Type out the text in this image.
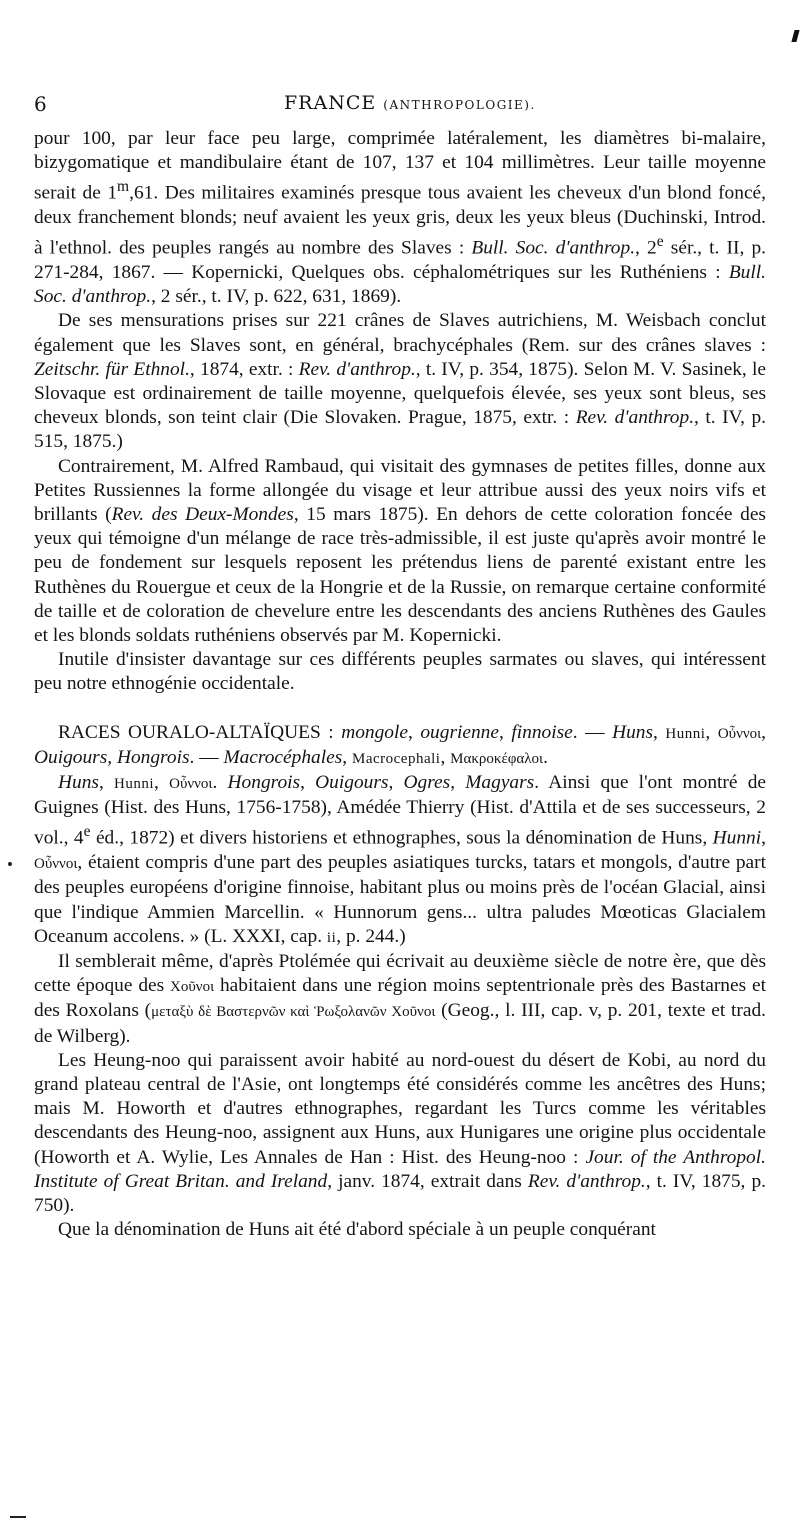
6	FRANCE (ANTHROPOLOGIE).

pour 100, par leur face peu large, comprimée latéralement, les diamètres bi-malaire, bizygomatique et mandibulaire étant de 107, 137 et 104 millimètres. Leur taille moyenne serait de 1$^m$,61. Des militaires examinés presque tous avaient les cheveux d'un blond foncé, deux franchement blonds; neuf avaient les yeux gris, deux les yeux bleus (Duchinski, Introd. à l'ethnol. des peuples rangés au nombre des Slaves : Bull. Soc. d'anthrop., 2e sér., t. II, p. 271-284, 1867. — Kopernicki, Quelques obs. céphalométriques sur les Ruthéniens : Bull. Soc. d'anthrop., 2 sér., t. IV, p. 622, 631, 1869).

De ses mensurations prises sur 221 crânes de Slaves autrichiens, M. Weisbach conclut également que les Slaves sont, en général, brachycéphales (Rem. sur des crânes slaves : Zeitschr. für Ethnol., 1874, extr. : Rev. d'anthrop., t. IV, p. 354, 1875). Selon M. V. Sasinek, le Slovaque est ordinairement de taille moyenne, quelquefois élevée, ses yeux sont bleus, ses cheveux blonds, son teint clair (Die Slovaken. Prague, 1875, extr. : Rev. d'anthrop., t. IV, p. 515, 1875.)

Contrairement, M. Alfred Rambaud, qui visitait des gymnases de petites filles, donne aux Petites Russiennes la forme allongée du visage et leur attribue aussi des yeux noirs vifs et brillants (Rev. des Deux-Mondes, 15 mars 1875). En dehors de cette coloration foncée des yeux qui témoigne d'un mélange de race très-admissible, il est juste qu'après avoir montré le peu de fondement sur lesquels reposent les prétendus liens de parenté existant entre les Ruthènes du Rouergue et ceux de la Hongrie et de la Russie, on remarque certaine conformité de taille et de coloration de chevelure entre les descendants des anciens Ruthènes des Gaules et les blonds soldats ruthéniens observés par M. Kopernicki.

Inutile d'insister davantage sur ces différents peuples sarmates ou slaves, qui intéressent peu notre ethnogénie occidentale.

RACES OURALO-ALTAÏQUES : mongole, ougrienne, finnoise. — Huns, Hunni, Οὖννοι, Ouigours, Hongrois. — Macrocéphales, Macrocephali, Μακροκέφαλοι.

Huns, Hunni, Οὖννοι. Hongrois, Ouigours, Ogres, Magyars. Ainsi que l'ont montré de Guignes (Hist. des Huns, 1756-1758), Amédée Thierry (Hist. d'Attila et de ses successeurs, 2 vol., 4e éd., 1872) et divers historiens et ethnographes, sous la dénomination de Huns, Hunni, Οὖννοι, étaient compris d'une part des peuples asiatiques turcks, tatars et mongols, d'autre part des peuples européens d'origine finnoise, habitant plus ou moins près de l'océan Glacial, ainsi que l'indique Ammien Marcellin. « Hunnorum gens... ultra paludes Mœoticas Glacialem Oceanum accolens. » (L. XXXI, cap. ii, p. 244.)

Il semblerait même, d'après Ptolémée qui écrivait au deuxième siècle de notre ère, que dès cette époque des Χοῦνοι habitaient dans une région moins septentrionale près des Bastarnes et des Roxolans (μεταξὺ δὲ Βαστερνῶν καὶ Ῥωξολανῶν Χοῦνοι (Geog., l. III, cap. v, p. 201, texte et trad. de Wilberg).

Les Heung-noo qui paraissent avoir habité au nord-ouest du désert de Kobi, au nord du grand plateau central de l'Asie, ont longtemps été considérés comme les ancêtres des Huns; mais M. Howorth et d'autres ethnographes, regardant les Turcs comme les véritables descendants des Heung-noo, assignent aux Huns, aux Hunigares une origine plus occidentale (Howorth et A. Wylie, Les Annales de Han : Hist. des Heung-noo : Jour. of the Anthropol. Institute of Great Britan. and Ireland, janv. 1874, extrait dans Rev. d'anthrop., t. IV, 1875, p. 750).

Que la dénomination de Huns ait été d'abord spéciale à un peuple conquérant
